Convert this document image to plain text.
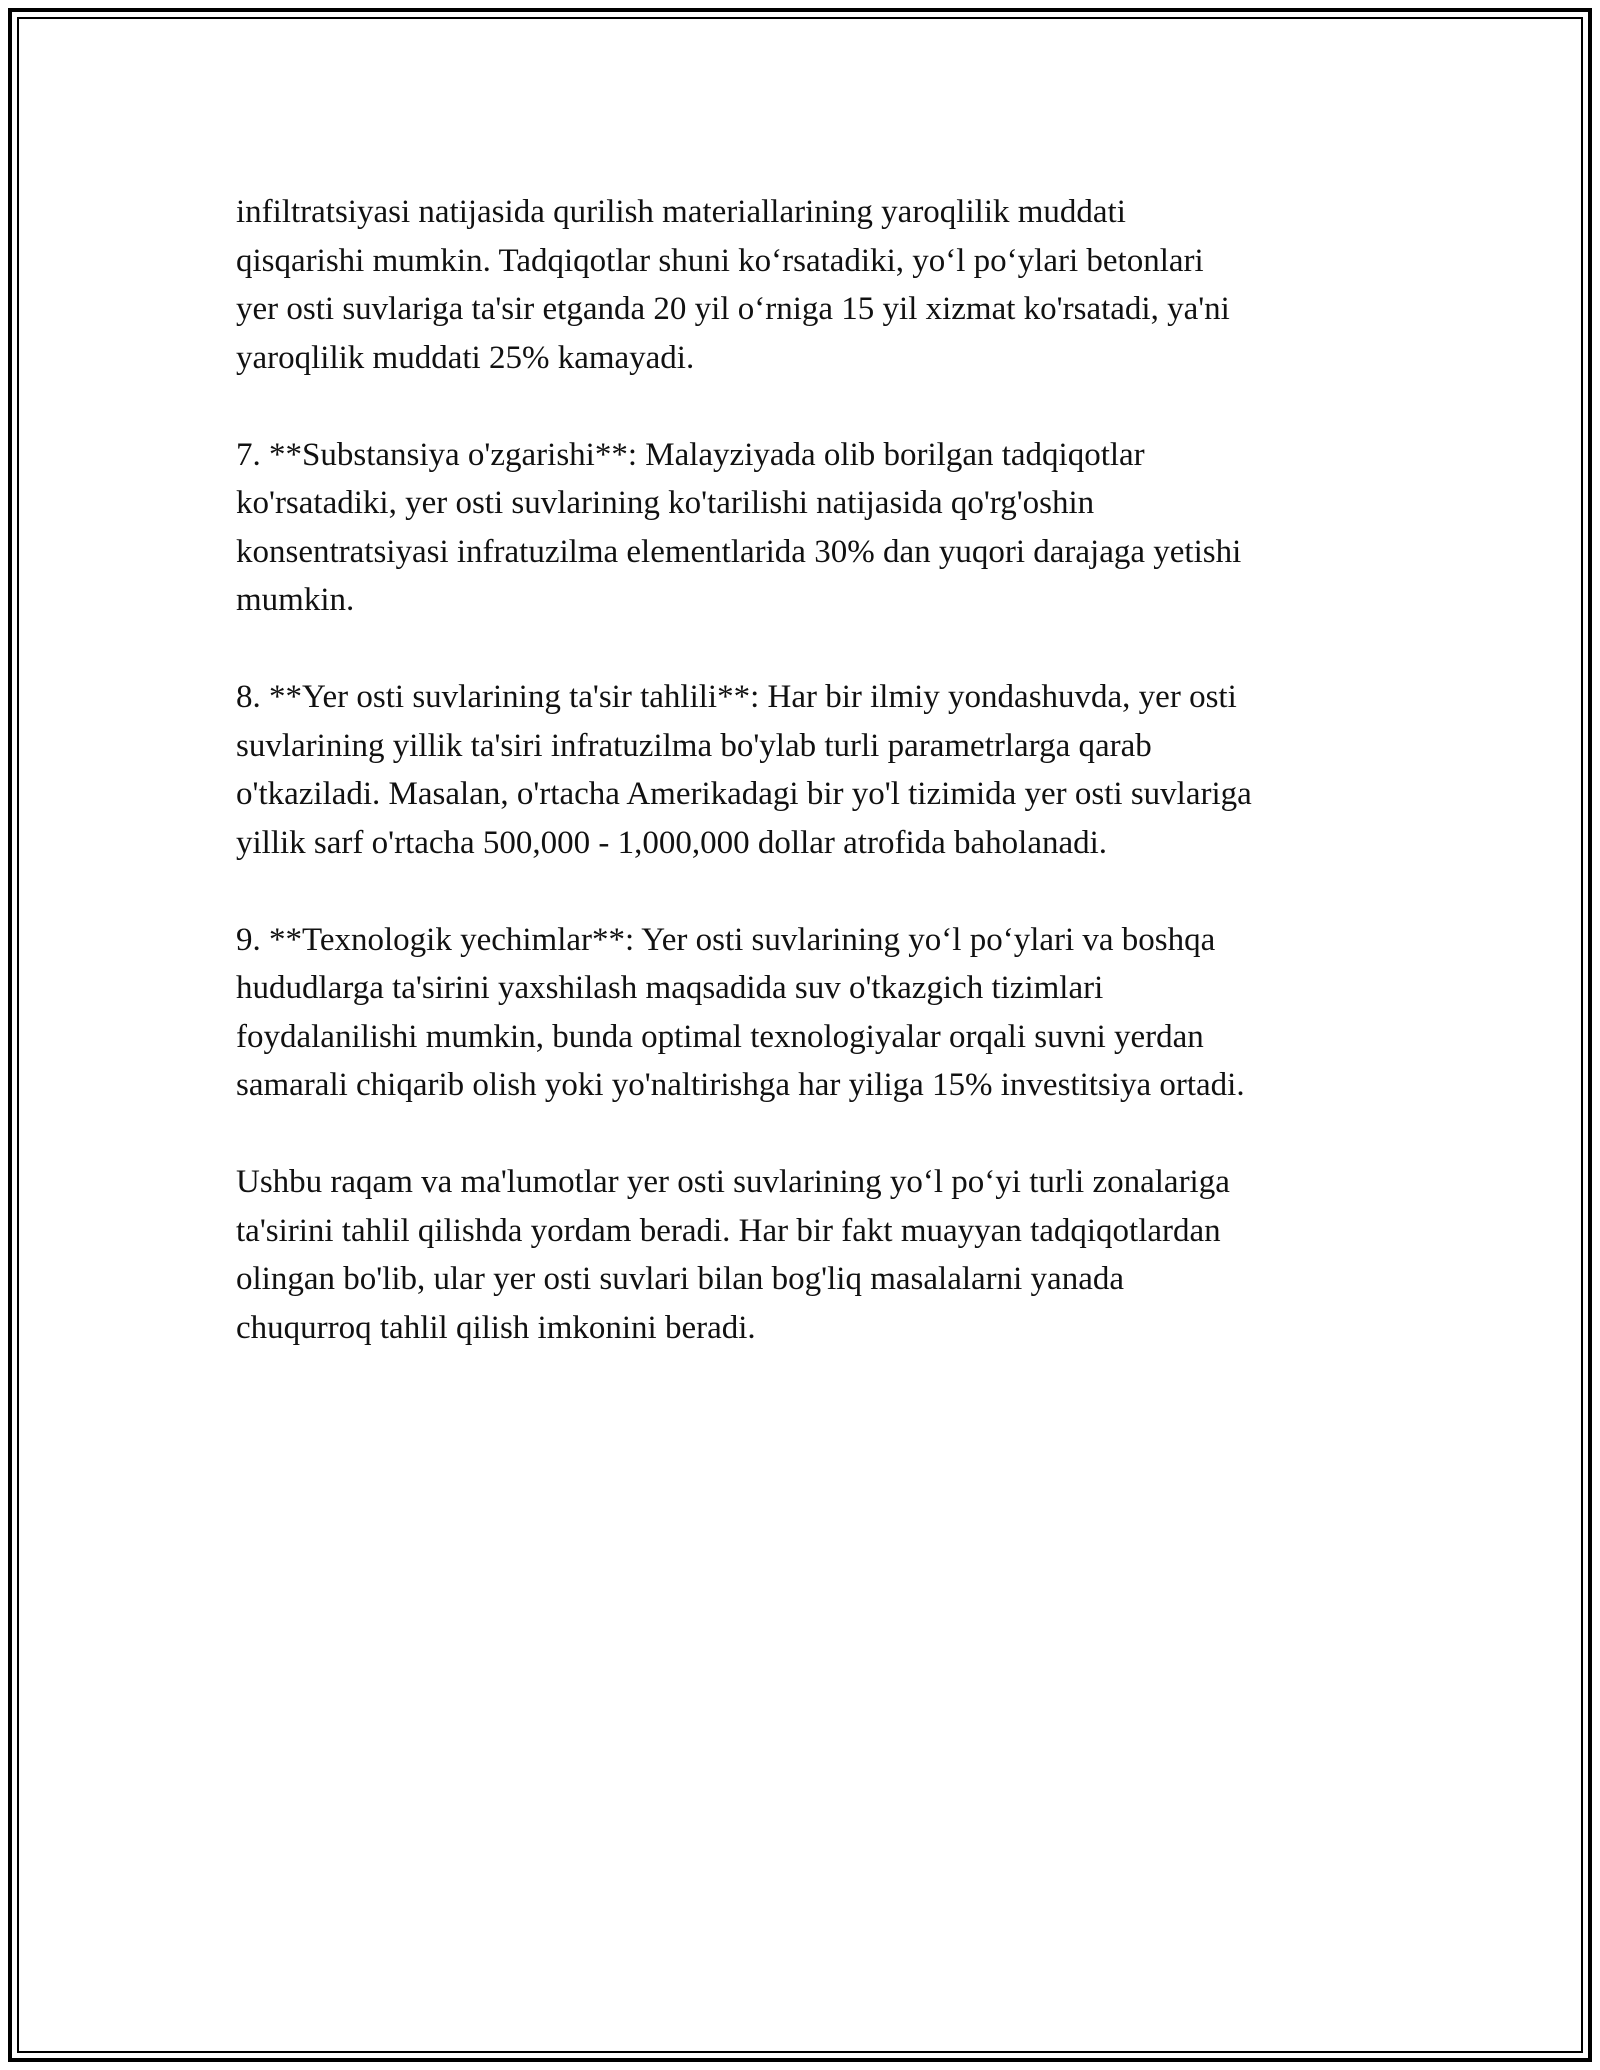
infiltratsiyasi natijasida qurilish materiallarining yaroqlilik muddati
qisqarishi mumkin. Tadqiqotlar shuni ko‘rsatadiki, yo‘l po‘ylari betonlari
yer osti suvlariga ta'sir etganda 20 yil o‘rniga 15 yil xizmat ko'rsatadi, ya'ni
yaroqlilik muddati 25% kamayadi.

7. **Substansiya o'zgarishi**: Malayziyada olib borilgan tadqiqotlar
ko'rsatadiki, yer osti suvlarining ko'tarilishi natijasida qo'rg'oshin
konsentratsiyasi infratuzilma elementlarida 30% dan yuqori darajaga yetishi
mumkin.

8. **Yer osti suvlarining ta'sir tahlili**: Har bir ilmiy yondashuvda, yer osti
suvlarining yillik ta'siri infratuzilma bo'ylab turli parametrlarga qarab
o'tkaziladi. Masalan, o'rtacha Amerikadagi bir yo'l tizimida yer osti suvlariga
yillik sarf o'rtacha 500,000 - 1,000,000 dollar atrofida baholanadi.

9. **Texnologik yechimlar**: Yer osti suvlarining yo‘l po‘ylari va boshqa
hududlarga ta'sirini yaxshilash maqsadida suv o'tkazgich tizimlari
foydalanilishi mumkin, bunda optimal texnologiyalar orqali suvni yerdan
samarali chiqarib olish yoki yo'naltirishga har yiliga 15% investitsiya ortadi.

Ushbu raqam va ma'lumotlar yer osti suvlarining yo‘l po‘yi turli zonalariga
ta'sirini tahlil qilishda yordam beradi. Har bir fakt muayyan tadqiqotlardan
olingan bo'lib, ular yer osti suvlari bilan bog'liq masalalarni yanada
chuqurroq tahlil qilish imkonini beradi.
